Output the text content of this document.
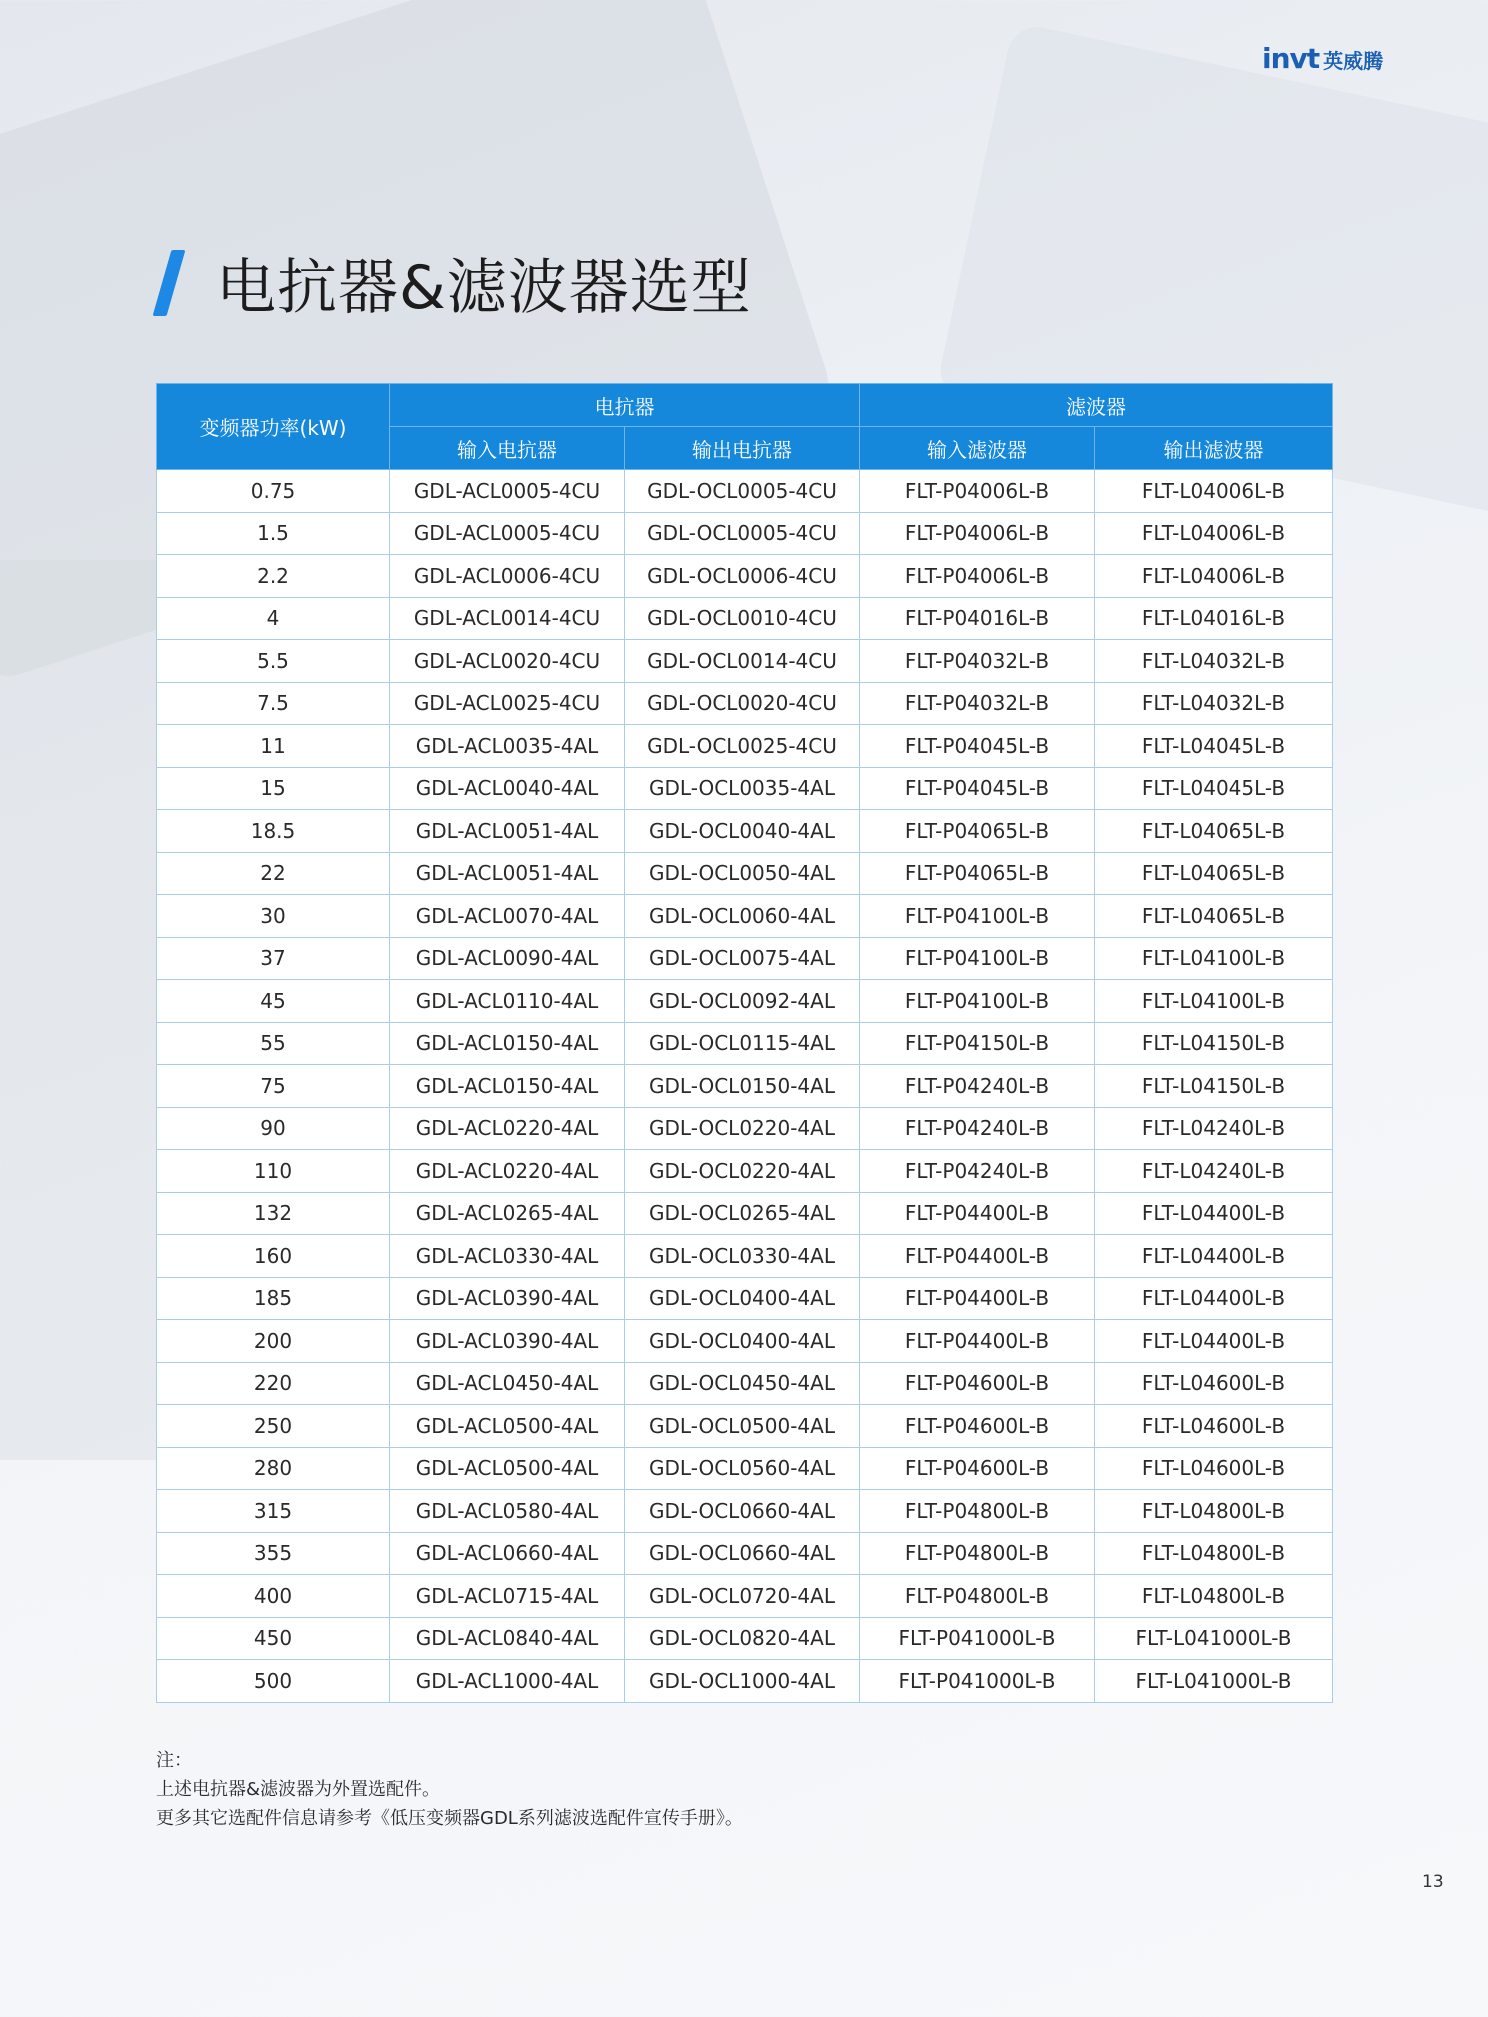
invt 英威腾
电抗器&滤波器选型
变频器功率(kW)	电抗器		滤波器	
	输入电抗器	输出电抗器	输入滤波器	输出滤波器
0.75	GDL-ACL0005-4CU	GDL-OCL0005-4CU	FLT-P04006L-B	FLT-L04006L-B
1.5	GDL-ACL0005-4CU	GDL-OCL0005-4CU	FLT-P04006L-B	FLT-L04006L-B
2.2	GDL-ACL0006-4CU	GDL-OCL0006-4CU	FLT-P04006L-B	FLT-L04006L-B
4	GDL-ACL0014-4CU	GDL-OCL0010-4CU	FLT-P04016L-B	FLT-L04016L-B
5.5	GDL-ACL0020-4CU	GDL-OCL0014-4CU	FLT-P04032L-B	FLT-L04032L-B
7.5	GDL-ACL0025-4CU	GDL-OCL0020-4CU	FLT-P04032L-B	FLT-L04032L-B
11	GDL-ACL0035-4AL	GDL-OCL0025-4CU	FLT-P04045L-B	FLT-L04045L-B
15	GDL-ACL0040-4AL	GDL-OCL0035-4AL	FLT-P04045L-B	FLT-L04045L-B
18.5	GDL-ACL0051-4AL	GDL-OCL0040-4AL	FLT-P04065L-B	FLT-L04065L-B
22	GDL-ACL0051-4AL	GDL-OCL0050-4AL	FLT-P04065L-B	FLT-L04065L-B
30	GDL-ACL0070-4AL	GDL-OCL0060-4AL	FLT-P04100L-B	FLT-L04065L-B
37	GDL-ACL0090-4AL	GDL-OCL0075-4AL	FLT-P04100L-B	FLT-L04100L-B
45	GDL-ACL0110-4AL	GDL-OCL0092-4AL	FLT-P04100L-B	FLT-L04100L-B
55	GDL-ACL0150-4AL	GDL-OCL0115-4AL	FLT-P04150L-B	FLT-L04150L-B
75	GDL-ACL0150-4AL	GDL-OCL0150-4AL	FLT-P04240L-B	FLT-L04150L-B
90	GDL-ACL0220-4AL	GDL-OCL0220-4AL	FLT-P04240L-B	FLT-L04240L-B
110	GDL-ACL0220-4AL	GDL-OCL0220-4AL	FLT-P04240L-B	FLT-L04240L-B
132	GDL-ACL0265-4AL	GDL-OCL0265-4AL	FLT-P04400L-B	FLT-L04400L-B
160	GDL-ACL0330-4AL	GDL-OCL0330-4AL	FLT-P04400L-B	FLT-L04400L-B
185	GDL-ACL0390-4AL	GDL-OCL0400-4AL	FLT-P04400L-B	FLT-L04400L-B
200	GDL-ACL0390-4AL	GDL-OCL0400-4AL	FLT-P04400L-B	FLT-L04400L-B
220	GDL-ACL0450-4AL	GDL-OCL0450-4AL	FLT-P04600L-B	FLT-L04600L-B
250	GDL-ACL0500-4AL	GDL-OCL0500-4AL	FLT-P04600L-B	FLT-L04600L-B
280	GDL-ACL0500-4AL	GDL-OCL0560-4AL	FLT-P04600L-B	FLT-L04600L-B
315	GDL-ACL0580-4AL	GDL-OCL0660-4AL	FLT-P04800L-B	FLT-L04800L-B
355	GDL-ACL0660-4AL	GDL-OCL0660-4AL	FLT-P04800L-B	FLT-L04800L-B
400	GDL-ACL0715-4AL	GDL-OCL0720-4AL	FLT-P04800L-B	FLT-L04800L-B
450	GDL-ACL0840-4AL	GDL-OCL0820-4AL	FLT-P041000L-B	FLT-L041000L-B
500	GDL-ACL1000-4AL	GDL-OCL1000-4AL	FLT-P041000L-B	FLT-L041000L-B
注：
上述电抗器&滤波器为外置选配件。
更多其它选配件信息请参考《低压变频器GDL系列滤波选配件宣传手册》。
13
